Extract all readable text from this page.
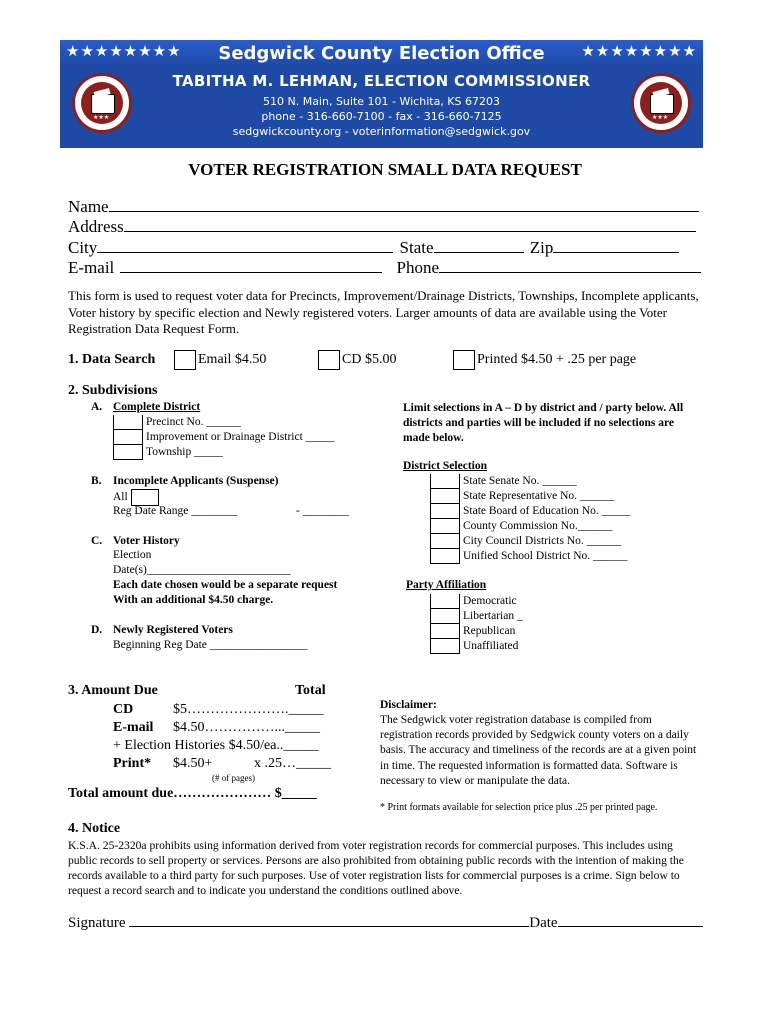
★★★★★★★★	★★★★★★★★
Sedgwick County Election Office
TABITHA M. LEHMAN, ELECTION COMMISSIONER
510 N. Main, Suite 101 - Wichita, KS 67203
phone - 316-660-7100 - fax - 316-660-7125
sedgwickcounty.org - voterinformation@sedgwick.gov
★★★	★★★
VOTER REGISTRATION SMALL DATA REQUEST
Name
Address
City	State	Zip
E-mail	Phone
This form is used to request voter data for Precincts, Improvement/Drainage Districts, Townships, Incomplete applicants, Voter history by specific election and Newly registered voters. Larger amounts of data are available using the Voter Registration Data Request Form.
1. Data Search	Email $4.50	CD $5.00	Printed $4.50 + .25 per page
2. Subdivisions
A. Complete District
Precinct No. ______
Improvement or Drainage District _____
Township _____
B. Incomplete Applicants (Suspense)
All
Reg Date Range ________	- ________
C. Voter History
Election
Date(s)_________________________
Each date chosen would be a separate request
With an additional $4.50 charge.
D. Newly Registered Voters
Beginning Reg Date _________________
Limit selections in A – D by district and / party below. All districts and parties will be included if no selections are made below.
District Selection
State Senate No. ______
State Representative No. ______
State Board of Education No. _____
County Commission No.______
City Council Districts No. ______
Unified School District No. ______
Party Affiliation
Democratic
Libertarian _
Republican
Unaffiliated
3. Amount Due	Total
CD	$5…………………._____
E-mail $4.50……………..._____
+ Election Histories $4.50/ea.._____
Print* $4.50+	x .25…_____
(# of pages)
Total amount due………………… $_____
Disclaimer:
The Sedgwick voter registration database is compiled from registration records provided by Sedgwick county voters on a daily basis. The accuracy and timeliness of the records are at a given point in time. The requested information is formatted data. Software is necessary to view or manipulate the data.
* Print formats available for selection price plus .25 per printed page.
4. Notice
K.S.A. 25-2320a prohibits using information derived from voter registration records for commercial purposes. This includes using public records to sell property or services. Persons are also prohibited from obtaining public records with the intention of making the records available to a third party for such purposes. Use of voter registration lists for commercial purposes is a crime. Sign below to request a record search and to indicate you understand the conditions outlined above.
Signature	Date
